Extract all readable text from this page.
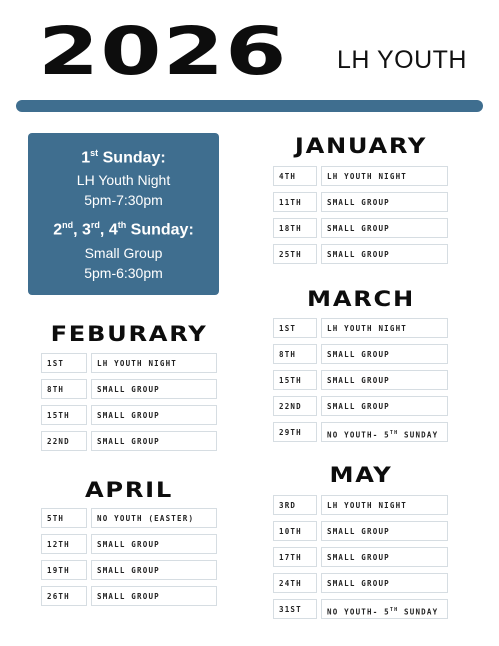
2026 LH YOUTH
1st Sunday:
LH Youth Night
5pm-7:30pm
2nd, 3rd, 4th Sunday:
Small Group
5pm-6:30pm
JANUARY
4TH	LH YOUTH NIGHT
11TH	SMALL GROUP
18TH	SMALL GROUP
25TH	SMALL GROUP
FEBURARY
1ST	LH YOUTH NIGHT
8TH	SMALL GROUP
15TH	SMALL GROUP
22ND	SMALL GROUP
MARCH
1ST	LH YOUTH NIGHT
8TH	SMALL GROUP
15TH	SMALL GROUP
22ND	SMALL GROUP
29TH	NO YOUTH- 5TH SUNDAY
APRIL
5TH	NO YOUTH (EASTER)
12TH	SMALL GROUP
19TH	SMALL GROUP
26TH	SMALL GROUP
MAY
3RD	LH YOUTH NIGHT
10TH	SMALL GROUP
17TH	SMALL GROUP
24TH	SMALL GROUP
31ST	NO YOUTH- 5TH SUNDAY
